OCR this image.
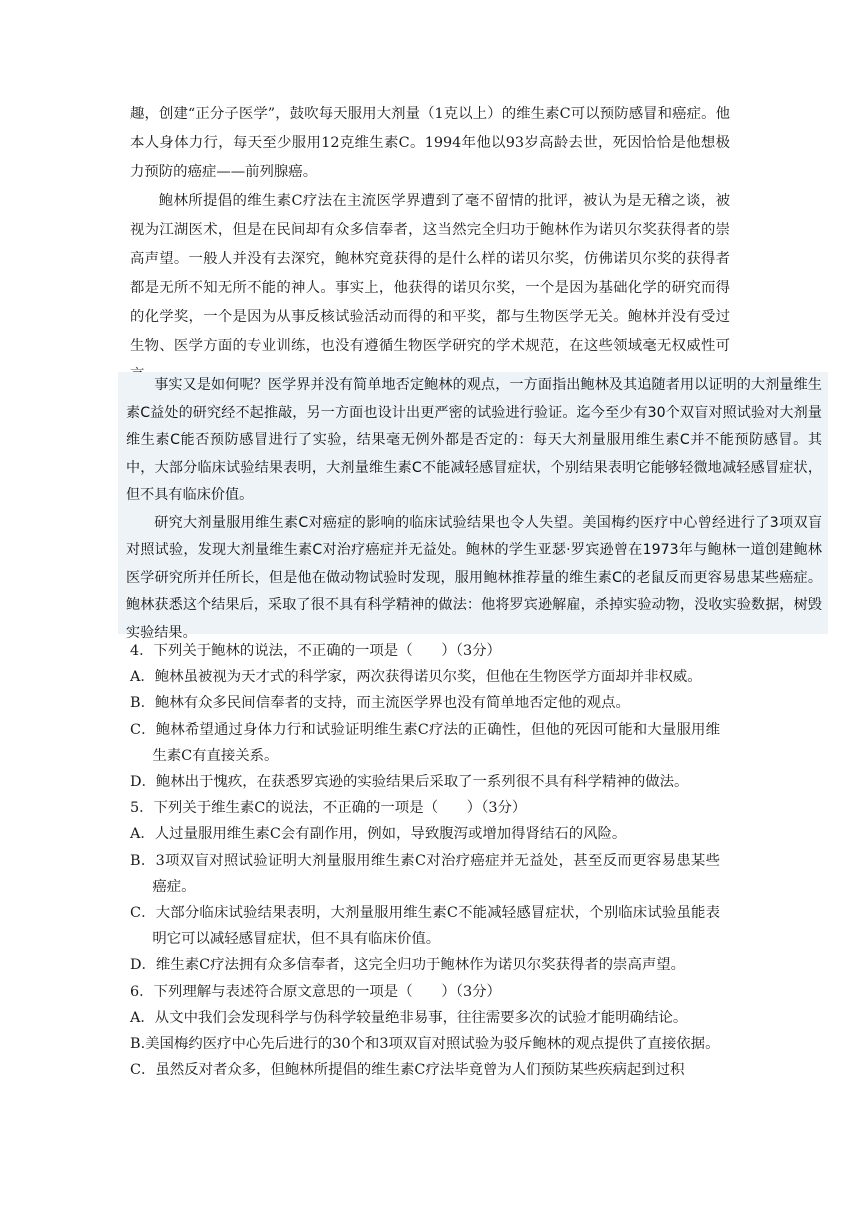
趣，创建“正分子医学”，鼓吹每天服用大剂量（1克以上）的维生素C可以预防感冒和癌症。他本人身体力行，每天至少服用12克维生素C。1994年他以93岁高龄去世，死因恰恰是他想极力预防的癌症——前列腺癌。

鲍林所提倡的维生素C疗法在主流医学界遭到了毫不留情的批评，被认为是无稽之谈，被视为江湖医术，但是在民间却有众多信奉者，这当然完全归功于鲍林作为诺贝尔奖获得者的崇高声望。一般人并没有去深究，鲍林究竟获得的是什么样的诺贝尔奖，仿佛诺贝尔奖的获得者都是无所不知无所不能的神人。事实上，他获得的诺贝尔奖，一个是因为基础化学的研究而得的化学奖，一个是因为从事反核试验活动而得的和平奖，都与生物医学无关。鲍林并没有受过生物、医学方面的专业训练，也没有遵循生物医学研究的学术规范，在这些领域毫无权威性可

事实又是如何呢？医学界并没有简单地否定鲍林的观点，一方面指出鲍林及其追随者用以证明的大剂量维生素C益处的研究经不起推敲，另一方面也设计出更严密的试验进行验证。迄今至少有30个双盲对照试验对大剂量维生素C能否预防感冒进行了实验，结果毫无例外都是否定的：每天大剂量服用维生素C并不能预防感冒。其中，大部分临床试验结果表明，大剂量维生素C不能减轻感冒症状，个别结果表明它能够轻微地减轻感冒症状，但不具有临床价值。

研究大剂量服用维生素C对癌症的影响的临床试验结果也令人失望。美国梅约医疗中心曾经进行了3项双盲对照试验，发现大剂量维生素C对治疗癌症并无益处。鲍林的学生亚瑟·罗宾逊曾在1973年与鲍林一道创建鲍林医学研究所并任所长，但是他在做动物试验时发现，服用鲍林推荐量的维生素C的老鼠反而更容易患某些癌症。鲍林获悉这个结果后，采取了很不具有科学精神的做法：他将罗宾逊解雇，杀掉实验动物，没收实验数据，树毁实验结果。

4．下列关于鲍林的说法，不正确的一项是（　　）（3分）

A．鲍林虽被视为天才式的科学家，两次获得诺贝尔奖，但他在生物医学方面却并非权威。

B．鲍林有众多民间信奉者的支持，而主流医学界也没有简单地否定他的观点。

C．鲍林希望通过身体力行和试验证明维生素C疗法的正确性，但他的死因可能和大量服用维生素C有直接关系。

D．鲍林出于愧疚，在获悉罗宾逊的实验结果后采取了一系列很不具有科学精神的做法。

5．下列关于维生素C的说法，不正确的一项是（　　）（3分）

A．人过量服用维生素C会有副作用，例如，导致腹泻或增加得肾结石的风险。

B．3项双盲对照试验证明大剂量服用维生素C对治疗癌症并无益处，甚至反而更容易患某些癌症。

C．大部分临床试验结果表明，大剂量服用维生素C不能减轻感冒症状，个别临床试验虽能表明它可以减轻感冒症状，但不具有临床价值。

D．维生素C疗法拥有众多信奉者，这完全归功于鲍林作为诺贝尔奖获得者的崇高声望。

6．下列理解与表述符合原文意思的一项是（　　）（3分）

A．从文中我们会发现科学与伪科学较量绝非易事，往往需要多次的试验才能明确结论。

B.美国梅约医疗中心先后进行的30个和3项双盲对照试验为驳斥鲍林的观点提供了直接依据。

C．虽然反对者众多，但鲍林所提倡的维生素C疗法毕竟曾为人们预防某些疾病起到过积
